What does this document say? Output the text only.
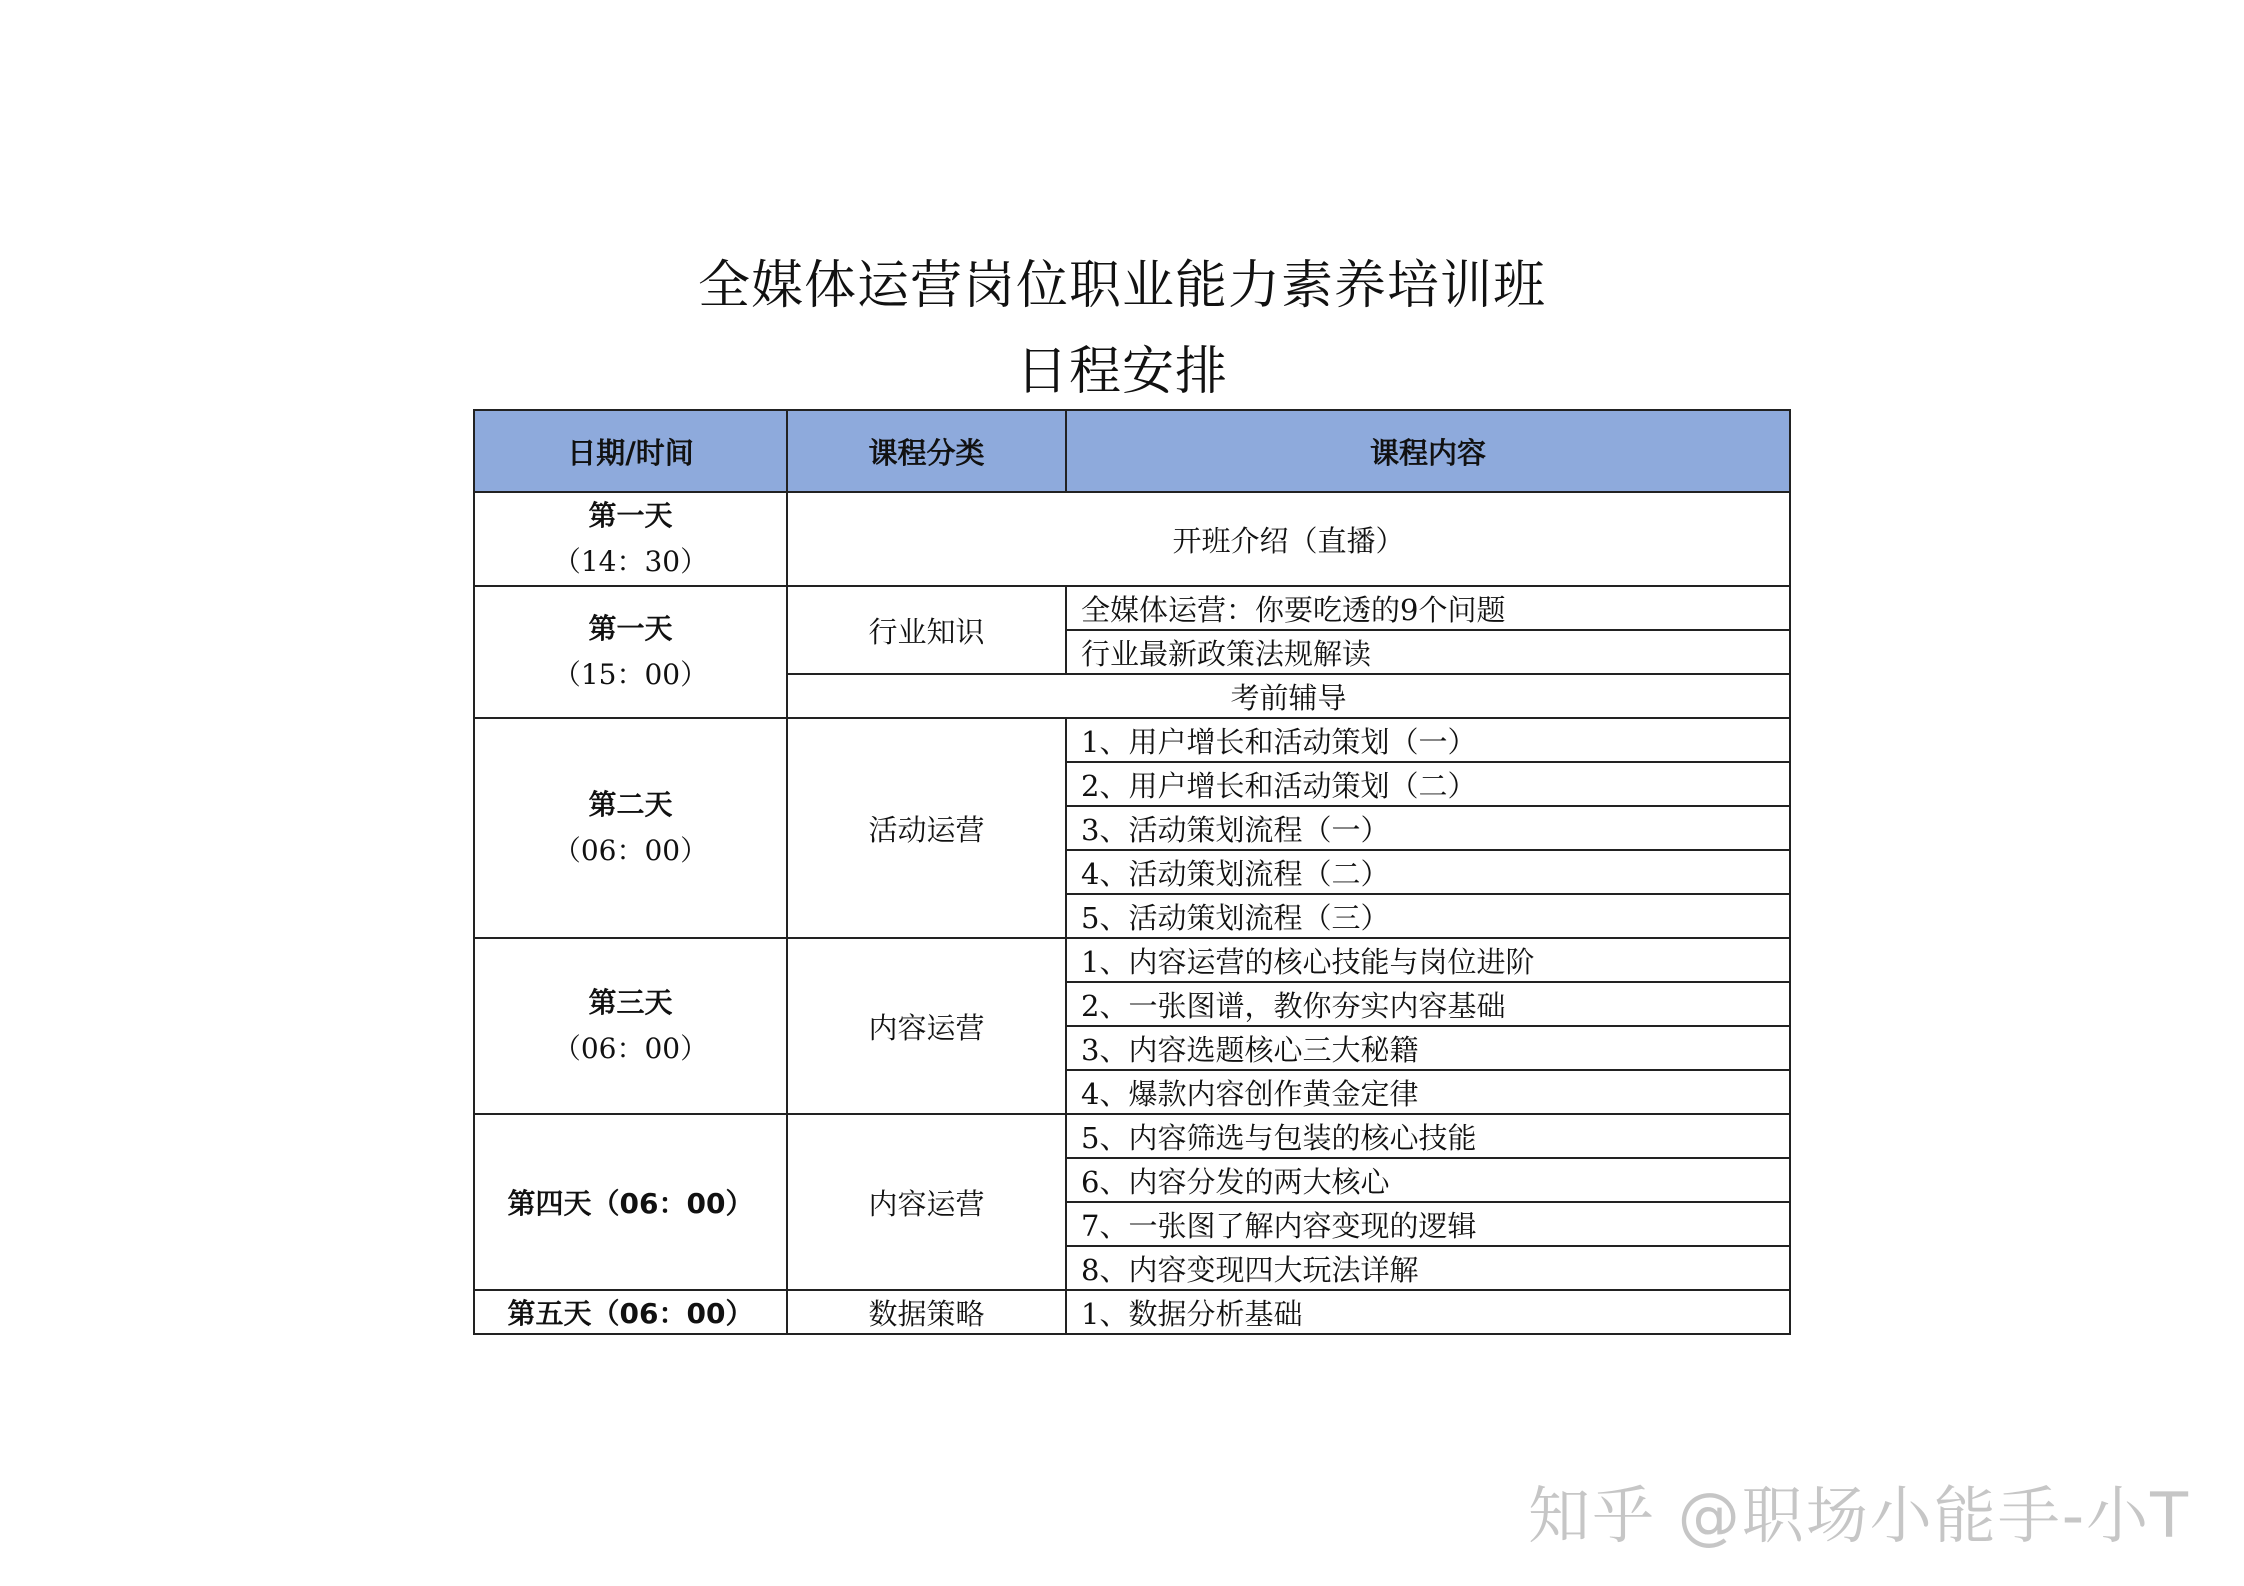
全媒体运营岗位职业能力素养培训班
日程安排
日期/时间	课程分类	课程内容

第一天
（14：30）	开班介绍（直播）	

第一天
（15：00）	行业知识	全媒体运营：你要吃透的9个问题
		行业最新政策法规解读
	考前辅导	

第二天
（06：00）	活动运营	1、用户增长和活动策划（一）
		2、用户增长和活动策划（二）
		3、活动策划流程（一）
		4、活动策划流程（二）
		5、活动策划流程（三）

第三天
（06：00）	内容运营	1、内容运营的核心技能与岗位进阶
		2、一张图谱，教你夯实内容基础
		3、内容选题核心三大秘籍
		4、爆款内容创作黄金定律
第四天（06：00）	内容运营	5、内容筛选与包装的核心技能
		6、内容分发的两大核心
		7、一张图了解内容变现的逻辑
		8、内容变现四大玩法详解
第五天（06：00）	数据策略	1、数据分析基础
知乎 @职场小能手-小T
